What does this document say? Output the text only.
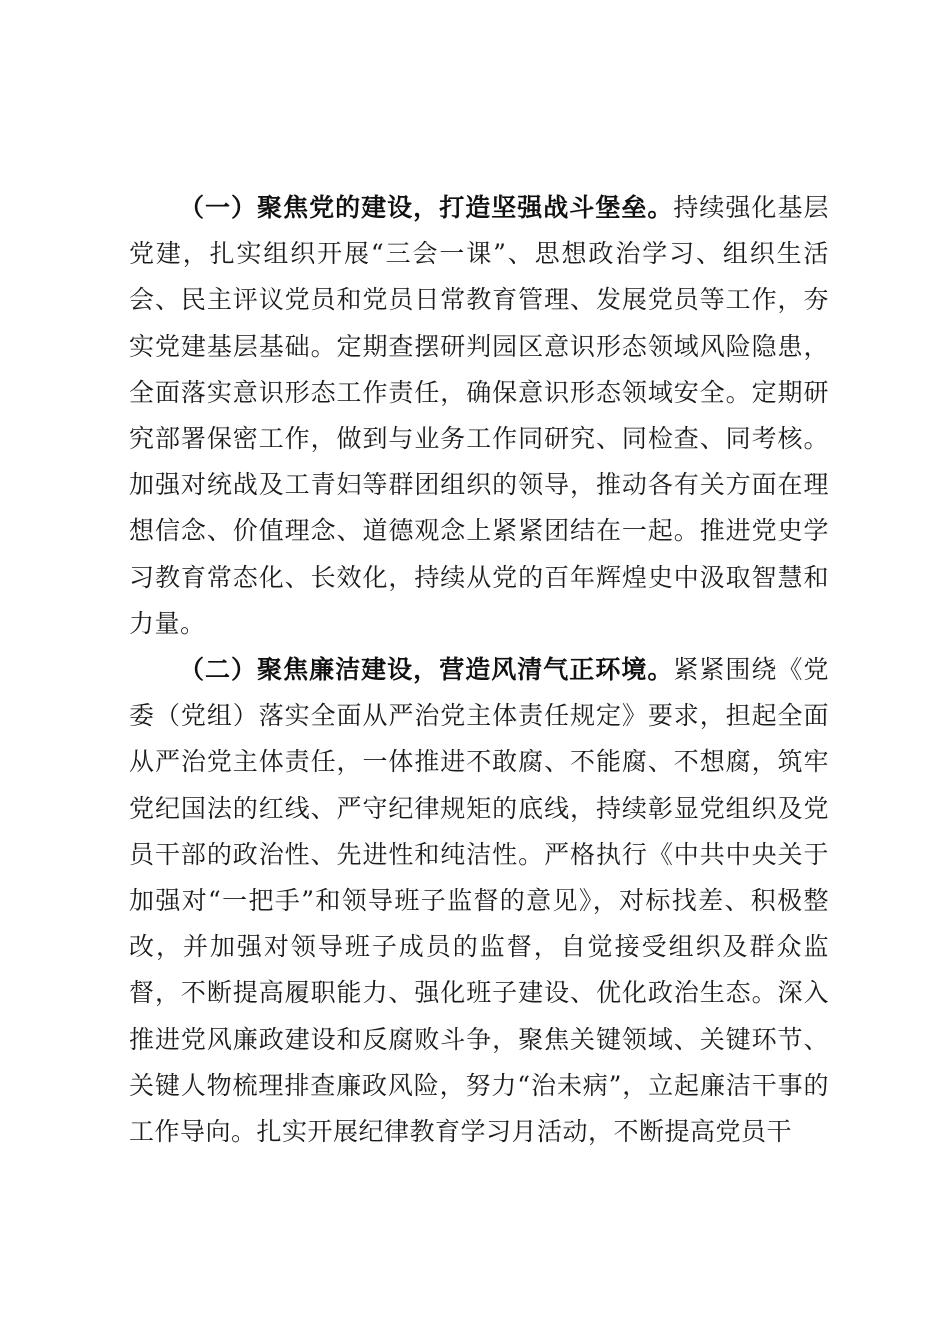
（一）聚焦党的建设，打造坚强战斗堡垒。持续强化基层党建，扎实组织开展“三会一课”、思想政治学习、组织生活会、民主评议党员和党员日常教育管理、发展党员等工作，夯实党建基层基础。定期查摆研判园区意识形态领域风险隐患，全面落实意识形态工作责任，确保意识形态领域安全。定期研究部署保密工作，做到与业务工作同研究、同检查、同考核。加强对统战及工青妇等群团组织的领导，推动各有关方面在理想信念、价值理念、道德观念上紧紧团结在一起。推进党史学习教育常态化、长效化，持续从党的百年辉煌史中汲取智慧和力量。

（二）聚焦廉洁建设，营造风清气正环境。紧紧围绕《党委（党组）落实全面从严治党主体责任规定》要求，担起全面从严治党主体责任，一体推进不敢腐、不能腐、不想腐，筑牢党纪国法的红线、严守纪律规矩的底线，持续彰显党组织及党员干部的政治性、先进性和纯洁性。严格执行《中共中央关于加强对“一把手”和领导班子监督的意见》，对标找差、积极整改，并加强对领导班子成员的监督，自觉接受组织及群众监督，不断提高履职能力、强化班子建设、优化政治生态。深入推进党风廉政建设和反腐败斗争，聚焦关键领域、关键环节、关键人物梳理排查廉政风险，努力“治未病”，立起廉洁干事的工作导向。扎实开展纪律教育学习月活动，不断提高党员干
